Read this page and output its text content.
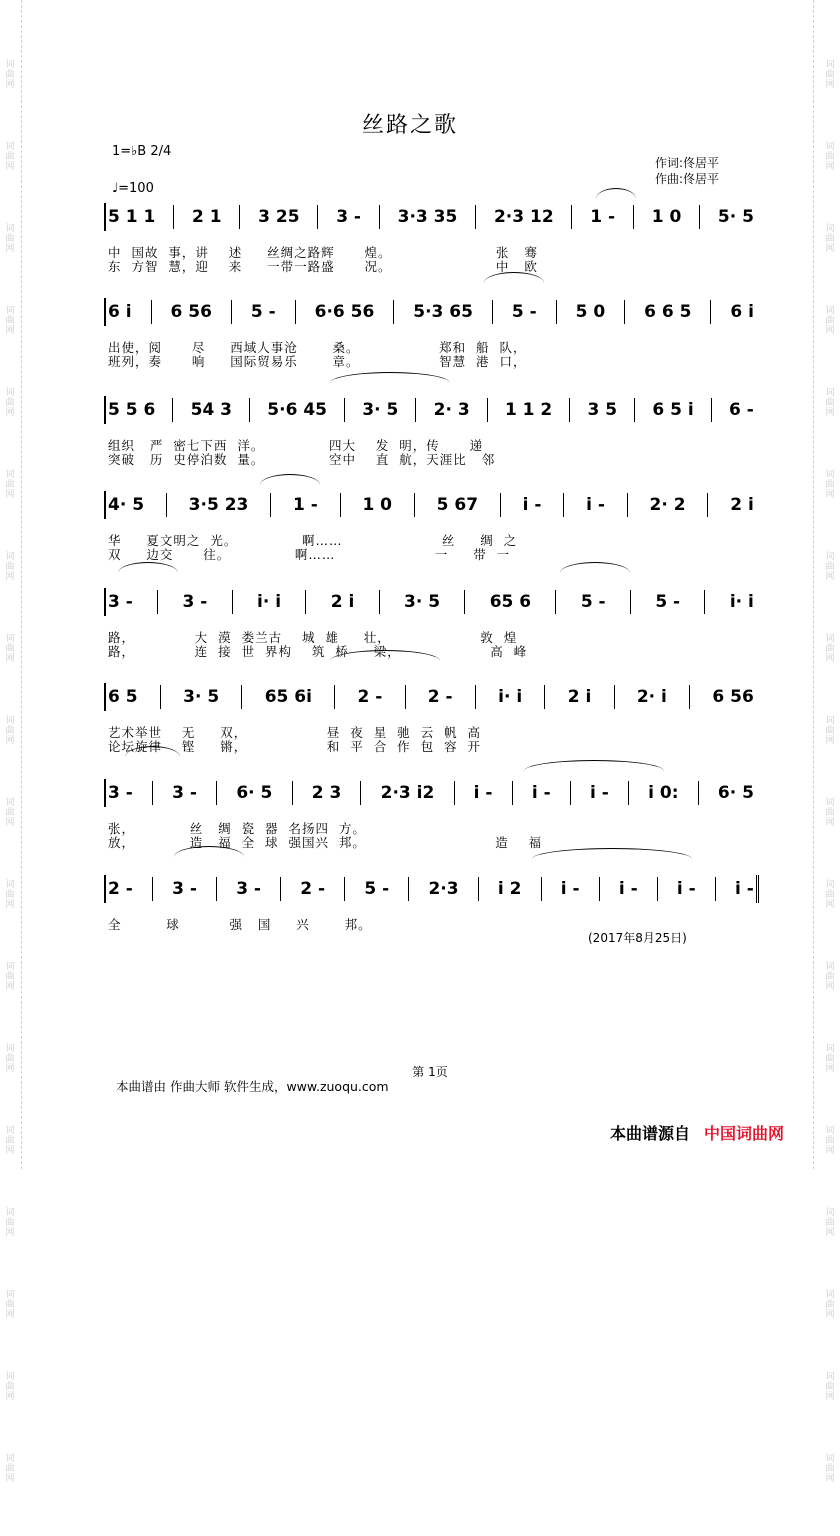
词
曲
网
词
曲
网
词
曲
网
词
曲
网
词
曲
网
词
曲
网
词
曲
网
词
曲
网
词
曲
网
词
曲
网
词
曲
网
词
曲
网
词
曲
网
词
曲
网
词
曲
网
词
曲
网
词
曲
网
词
曲
网
词
曲
网
词
曲
网
词
曲
网
词
曲
网
词
曲
网
词
曲
网
词
曲
网
词
曲
网
词
曲
网
词
曲
网
词
曲
网
词
曲
网
词
曲
网
词
曲
网
词
曲
网
词
曲
网
词
曲
网
词
曲
网
丝路之歌
1=♭B 2/4
♩=100
作词:佟居平
作曲:佟居平
5 1 1 2 1 3 25 3 - 3·3 35 2·3 12 1 - 1 0 5· 5
中  国故  事，讲    述     丝绸之路辉      煌。                     张   骞
东  方智  慧，迎    来     一带一路盛      况。                     中   欧
6 i 6 56 5 - 6·6 56 5·3 65 5 - 5 0 6 6 5 6 i
出使，阅      尽     西域人事沧       桑。                郑和  船  队，
班列，奏      响     国际贸易乐       章。                智慧  港  口，
5 5 6 54 3 5·6 45 3· 5 2· 3 1 1 2 3 5 6 5 i 6 -
组织   严  密七下西  洋。             四大    发  明，传      递
突破   历  史停泊数  量。             空中    直  航，天涯比   邻
4· 5	3·5 23	1 -	1 0	5 67	i -	i -	2· 2	2 i
华     夏文明之  光。             啊……                    丝     绸  之
双     边交      往。             啊……                    一     带  一
3 -	3 -	i· i	2 i	3· 5	65 6	5 -	5 -	i· i
路，            大  漠  娄兰古    城  雄     壮，                  敦  煌
路，            连  接  世  界构    筑  桥     梁，                  高  峰
6 5	3· 5	65 6i	2 -	2 -	i· i	2 i	2· i	6 56
艺术举世    无     双，                昼  夜  星  驰  云  帆  高
论坛旋律    铿     锵，                和  平  合  作  包  容  开
3 - 3 - 6· 5 2 3 2·3 i2 i - i - i - i 0: 6· 5
张，           丝   绸  瓷  器  名扬四  方。
放，           造   福  全  球  强国兴  邦。                          造    福
2 - 3 - 3 - 2 - 5 - 2·3 i 2 i - i - i - i -
全         球          强   国     兴       邦。
(2017年8月25日)
第 1页
本曲谱由 作曲大师 软件生成，www.zuoqu.com
本曲谱源自 中国词曲网
